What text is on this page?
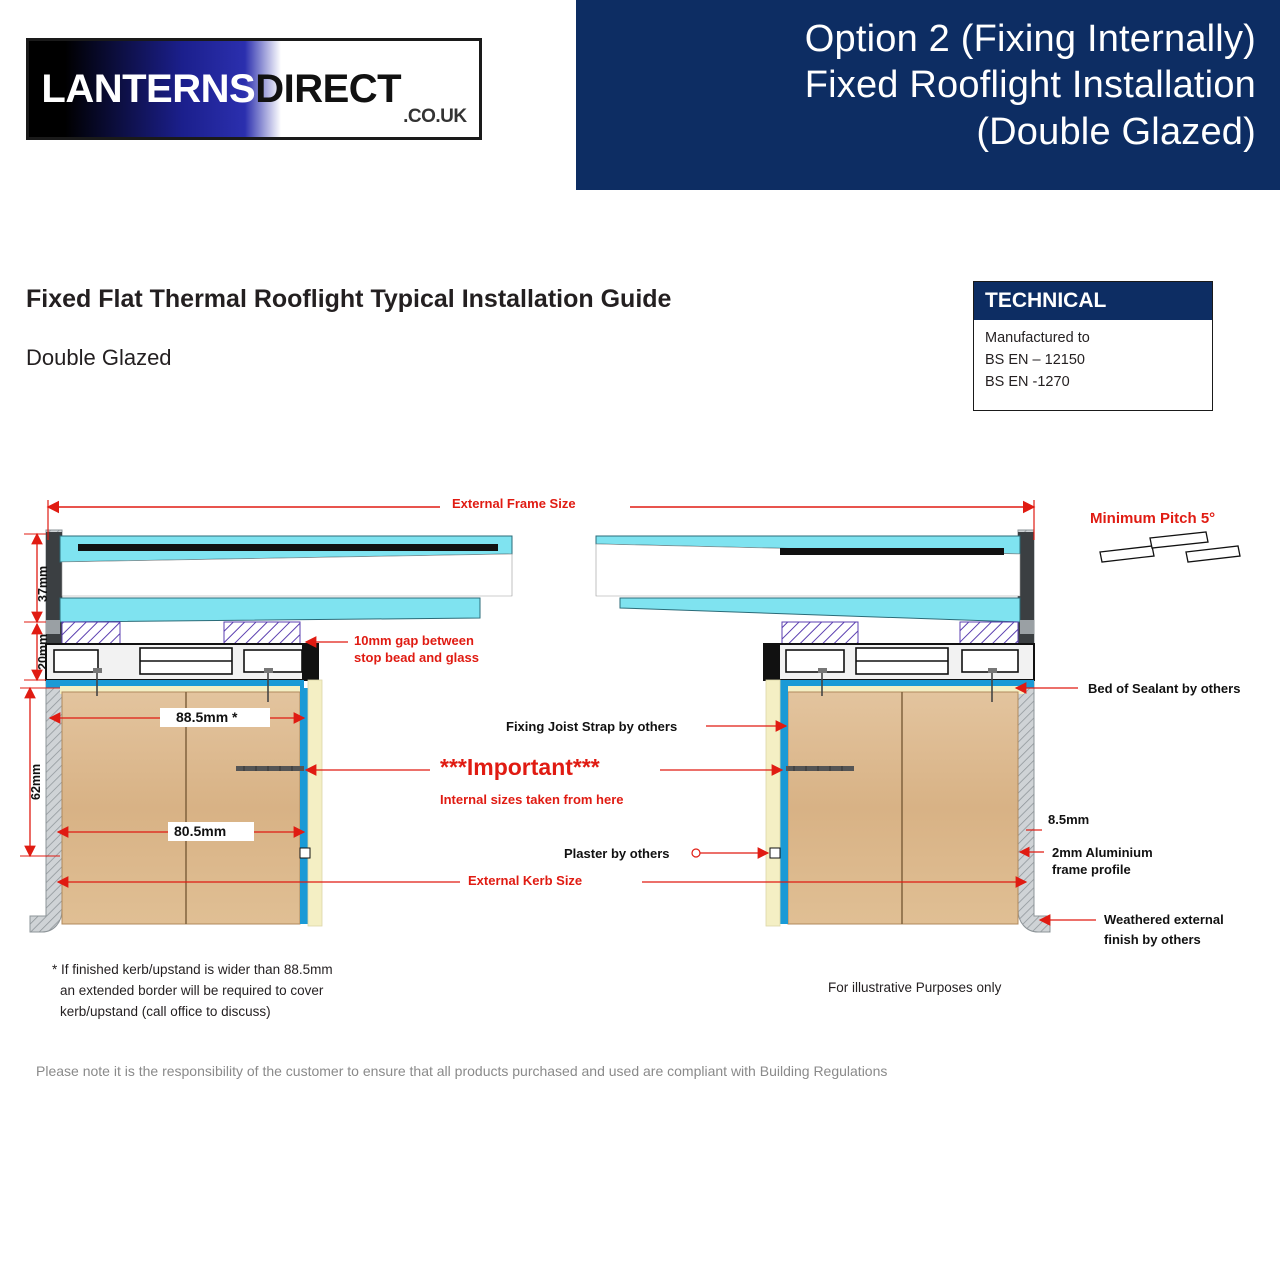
Option 2 (Fixing Internally)
Fixed Rooflight Installation
(Double Glazed)
LANTERNS DIRECT
.CO.UK
Fixed Flat Thermal Rooflight Typical Installation Guide
Double Glazed
TECHNICAL
Manufactured to
BS EN – 12150
BS EN -1270
External Frame Size
External Kerb Size
10mm gap between
stop bead and glass
Bed of Sealant by others
Fixing Joist Strap by others
***Important***
Internal sizes taken from here
Plaster by others
8.5mm
2mm Aluminium
frame profile
Weathered external
finish by others
88.5mm *
80.5mm
37mm
20mm
62mm
Minimum Pitch 5°
* If finished kerb/upstand is wider than 88.5mm
an extended border will be required to cover
kerb/upstand (call office to discuss)
For illustrative Purposes only
Please note it is the responsibility of the customer to ensure that all products purchased and used are compliant with Building Regulations
